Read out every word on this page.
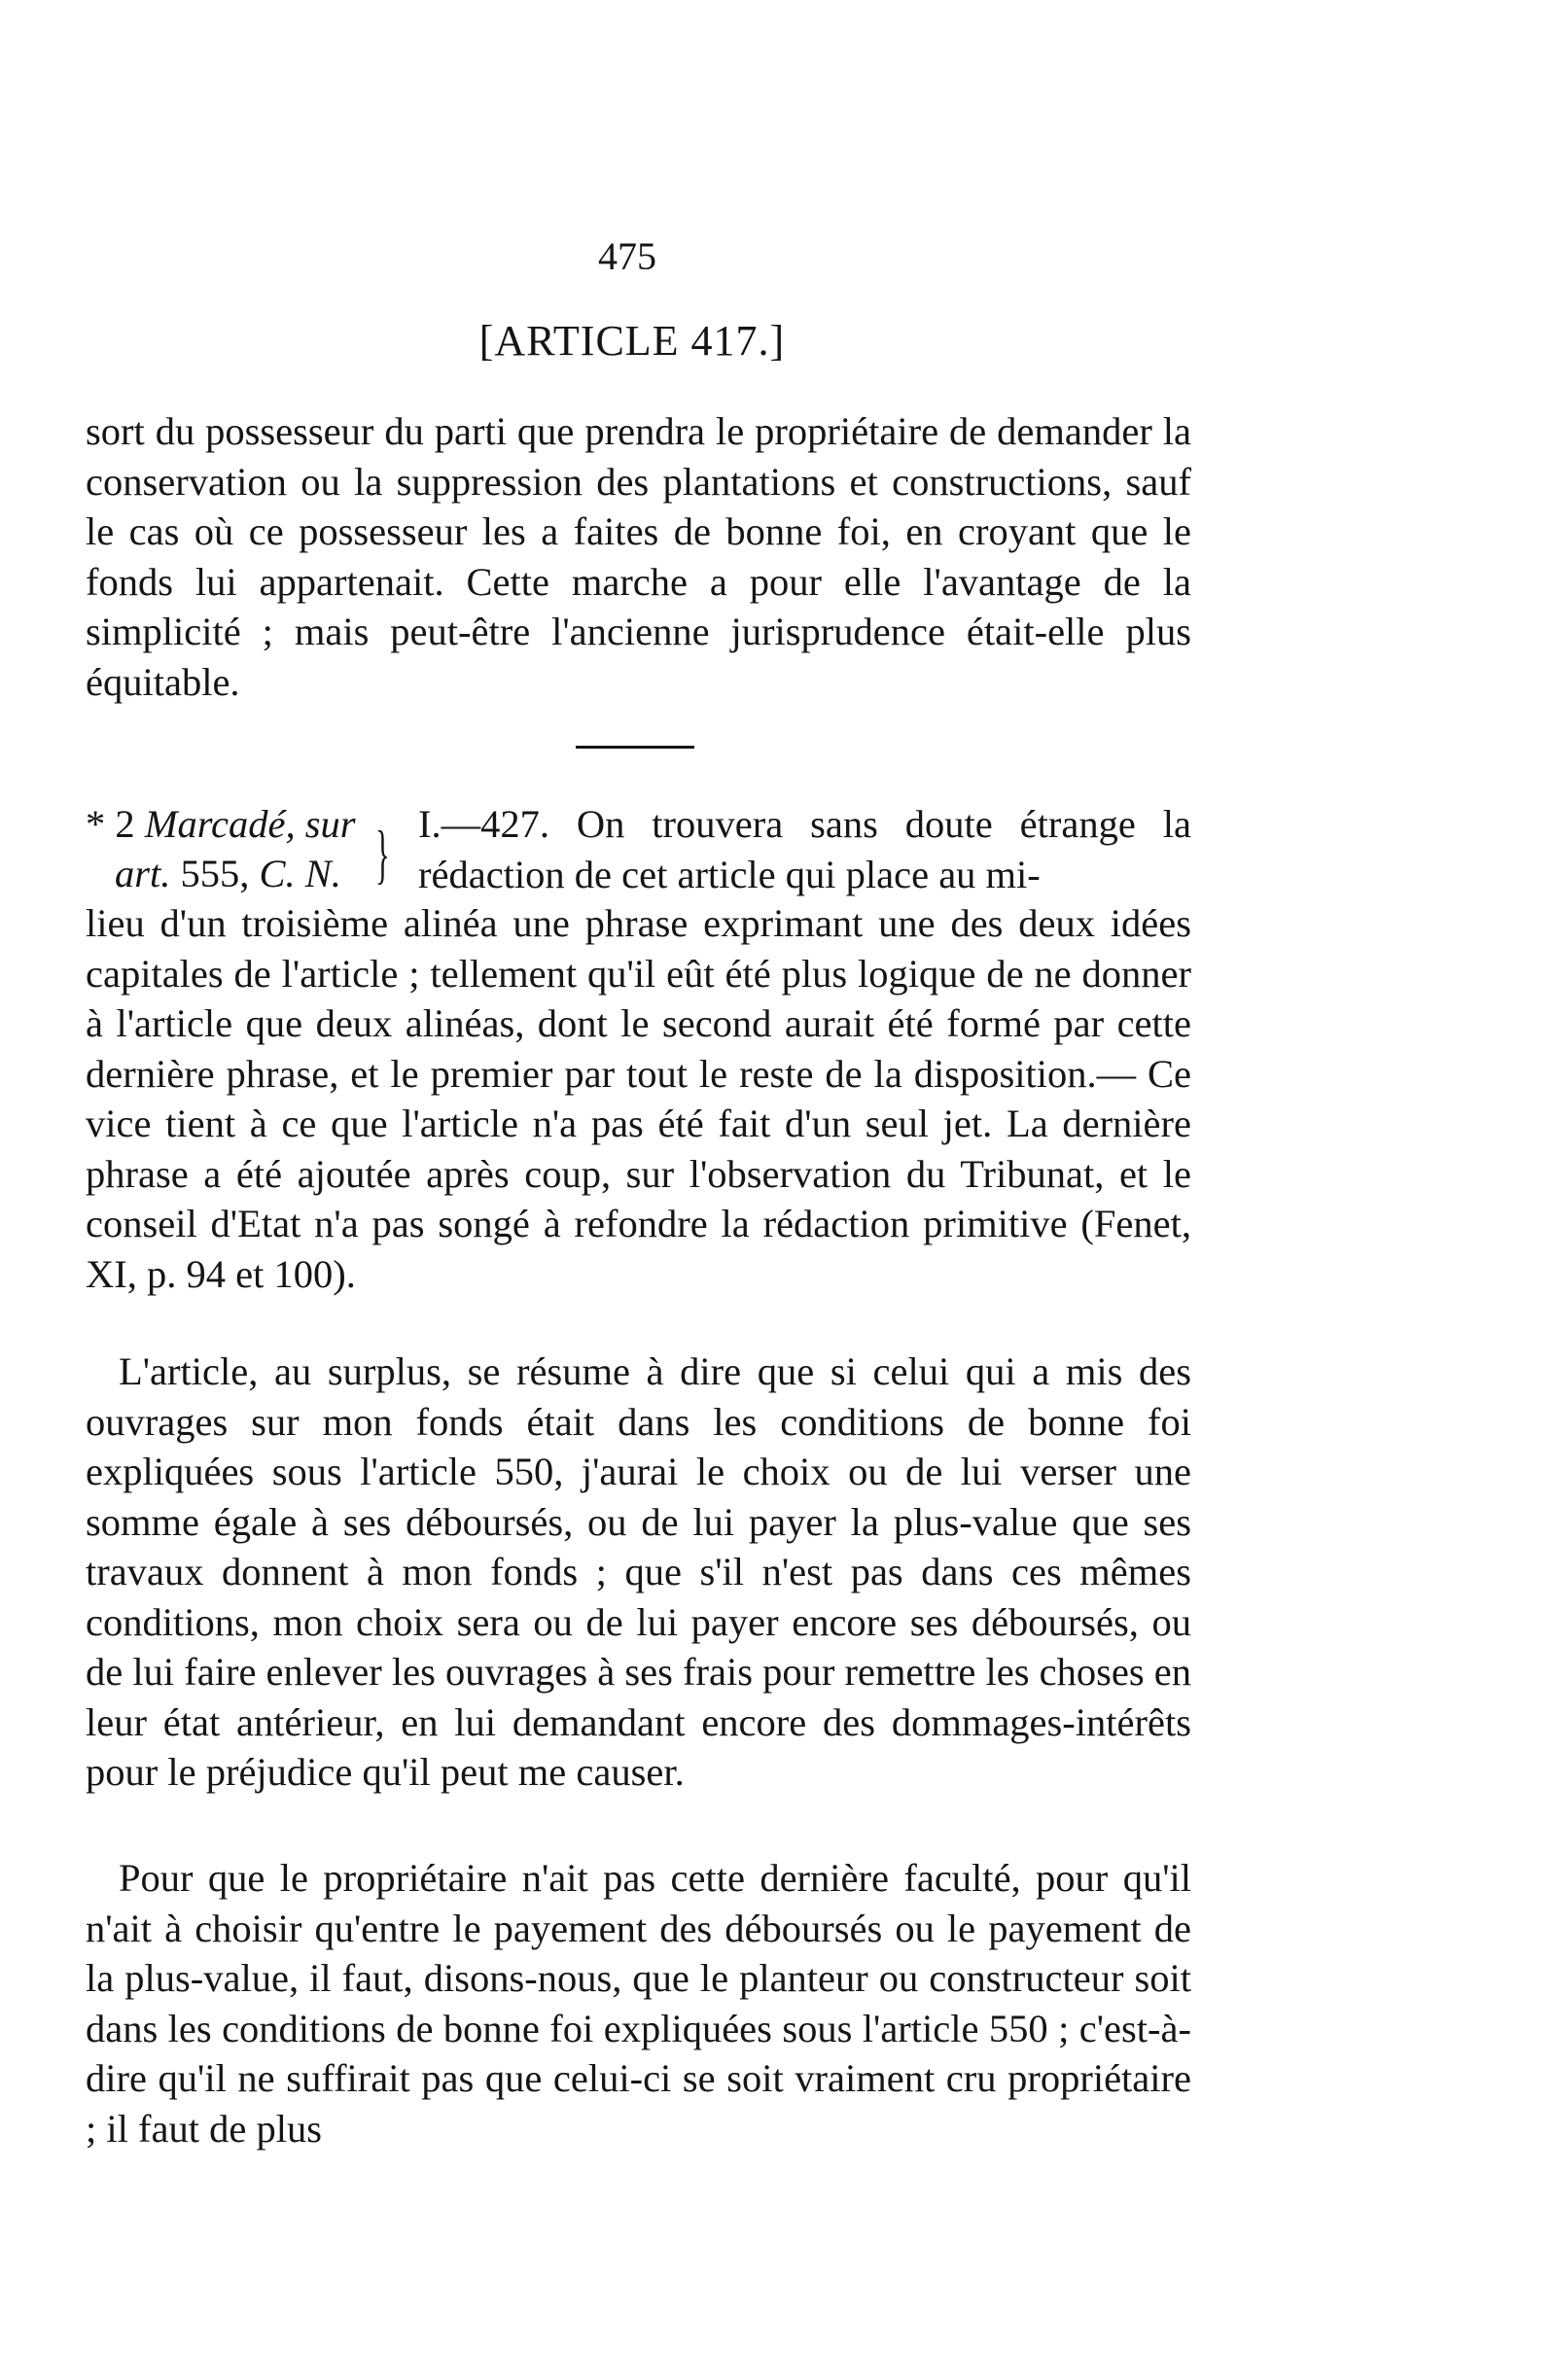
475
[ARTICLE 417.]

sort du possesseur du parti que prendra le propriétaire de demander la conservation ou la suppression des plantations et constructions, sauf le cas où ce possesseur les a faites de bonne foi, en croyant que le fonds lui appartenait. Cette marche a pour elle l'avantage de la simplicité ; mais peut-être l'ancienne jurisprudence était-elle plus équitable.

* 2 Marcadé, sur
art. 555, C. N. } I.—427. On trouvera sans doute étrange la rédaction de cet article qui place au mi-

lieu d'un troisième alinéa une phrase exprimant une des deux idées capitales de l'article ; tellement qu'il eût été plus logique de ne donner à l'article que deux alinéas, dont le second aurait été formé par cette dernière phrase, et le premier par tout le reste de la disposition.— Ce vice tient à ce que l'article n'a pas été fait d'un seul jet. La dernière phrase a été ajoutée après coup, sur l'observation du Tribunat, et le conseil d'Etat n'a pas songé à refondre la rédaction primitive (Fenet, XI, p. 94 et 100).

L'article, au surplus, se résume à dire que si celui qui a mis des ouvrages sur mon fonds était dans les conditions de bonne foi expliquées sous l'article 550, j'aurai le choix ou de lui verser une somme égale à ses déboursés, ou de lui payer la plus-value que ses travaux donnent à mon fonds ; que s'il n'est pas dans ces mêmes conditions, mon choix sera ou de lui payer encore ses déboursés, ou de lui faire enlever les ouvrages à ses frais pour remettre les choses en leur état antérieur, en lui demandant encore des dommages-intérêts pour le préjudice qu'il peut me causer.

Pour que le propriétaire n'ait pas cette dernière faculté, pour qu'il n'ait à choisir qu'entre le payement des déboursés ou le payement de la plus-value, il faut, disons-nous, que le planteur ou constructeur soit dans les conditions de bonne foi expliquées sous l'article 550 ; c'est-à-dire qu'il ne suffirait pas que celui-ci se soit vraiment cru propriétaire ; il faut de plus
